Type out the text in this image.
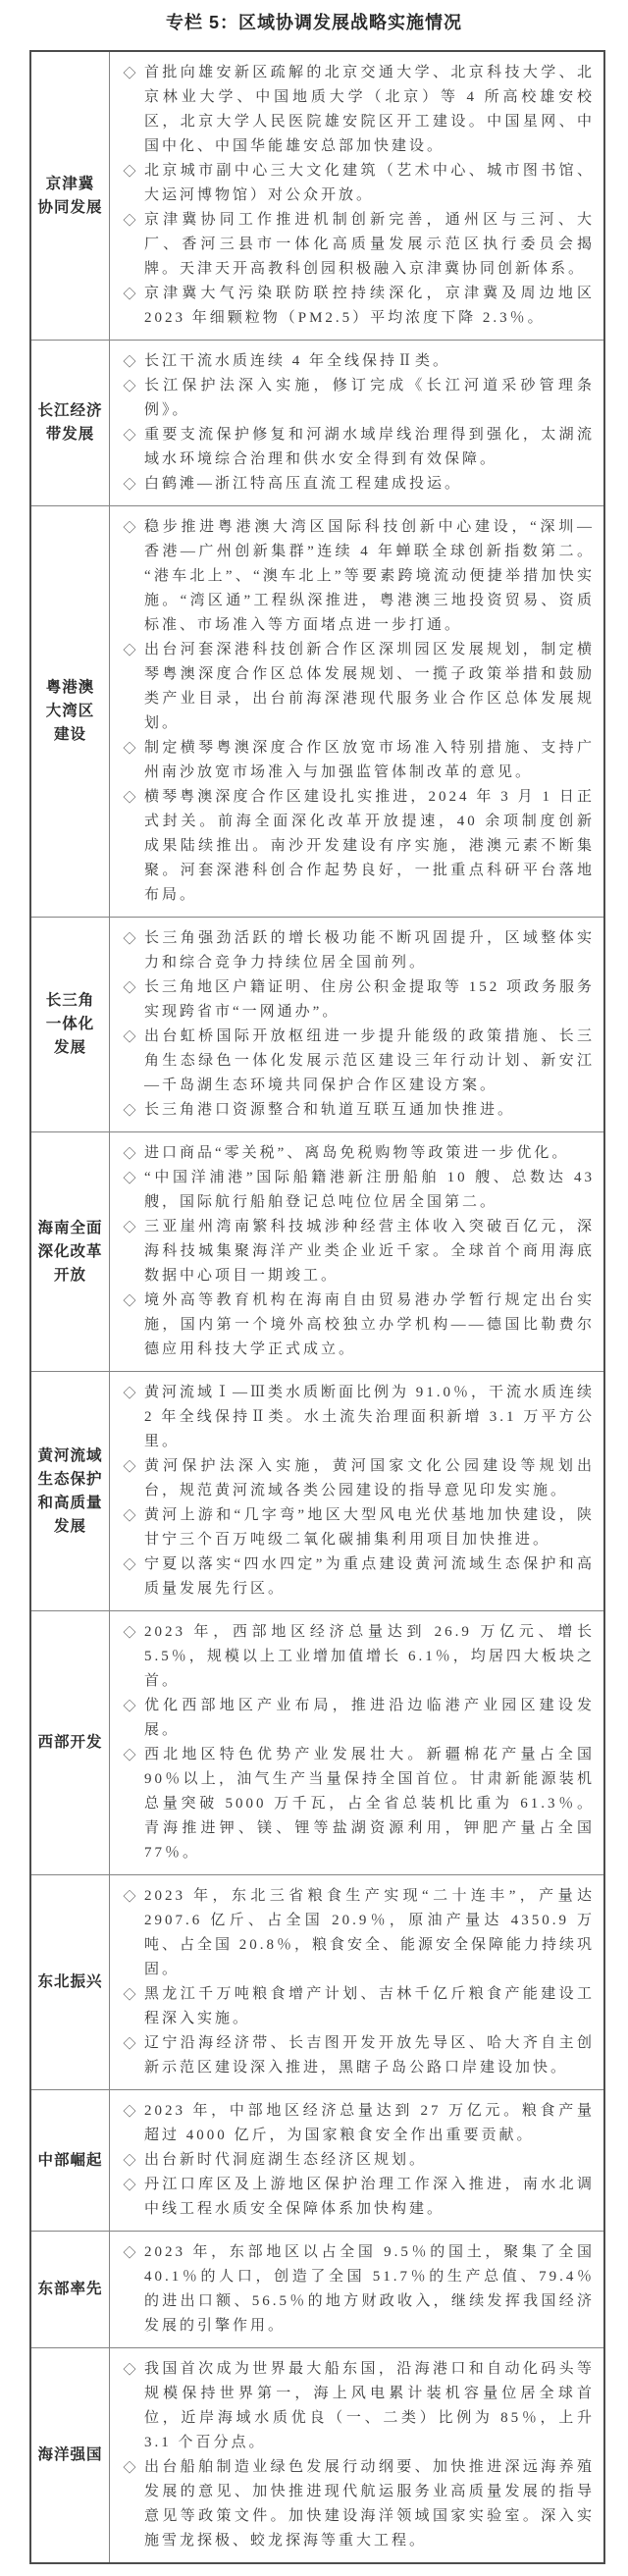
专栏 5：区域协调发展战略实施情况
京津冀
协同发展
◇ 首批向雄安新区疏解的北京交通大学、北京科技大学、北京林业大学、中国地质大学（北京）等 4 所高校雄安校区，北京大学人民医院雄安院区开工建设。中国星网、中国中化、中国华能雄安总部加快建设。
◇ 北京城市副中心三大文化建筑（艺术中心、城市图书馆、大运河博物馆）对公众开放。
◇ 京津冀协同工作推进机制创新完善，通州区与三河、大厂、香河三县市一体化高质量发展示范区执行委员会揭牌。天津天开高教科创园积极融入京津冀协同创新体系。
◇ 京津冀大气污染联防联控持续深化，京津冀及周边地区 2023 年细颗粒物（PM2.5）平均浓度下降 2.3％。
长江经济
带发展
◇ 长江干流水质连续 4 年全线保持Ⅱ类。
◇ 长江保护法深入实施，修订完成《长江河道采砂管理条例》。
◇ 重要支流保护修复和河湖水域岸线治理得到强化，太湖流域水环境综合治理和供水安全得到有效保障。
◇ 白鹤滩—浙江特高压直流工程建成投运。
粤港澳
大湾区
建设
◇ 稳步推进粤港澳大湾区国际科技创新中心建设，“深圳—香港—广州创新集群”连续 4 年蝉联全球创新指数第二。“港车北上”、“澳车北上”等要素跨境流动便捷举措加快实施。“湾区通”工程纵深推进，粤港澳三地投资贸易、资质标准、市场准入等方面堵点进一步打通。
◇ 出台河套深港科技创新合作区深圳园区发展规划，制定横琴粤澳深度合作区总体发展规划、一揽子政策举措和鼓励类产业目录，出台前海深港现代服务业合作区总体发展规划。
◇ 制定横琴粤澳深度合作区放宽市场准入特别措施、支持广州南沙放宽市场准入与加强监管体制改革的意见。
◇ 横琴粤澳深度合作区建设扎实推进，2024 年 3 月 1 日正式封关。前海全面深化改革开放提速，40 余项制度创新成果陆续推出。南沙开发建设有序实施，港澳元素不断集聚。河套深港科创合作起势良好，一批重点科研平台落地布局。
长三角
一体化
发展
◇ 长三角强劲活跃的增长极功能不断巩固提升，区域整体实力和综合竞争力持续位居全国前列。
◇ 长三角地区户籍证明、住房公积金提取等 152 项政务服务实现跨省市“一网通办”。
◇ 出台虹桥国际开放枢纽进一步提升能级的政策措施、长三角生态绿色一体化发展示范区建设三年行动计划、新安江—千岛湖生态环境共同保护合作区建设方案。
◇ 长三角港口资源整合和轨道互联互通加快推进。
海南全面
深化改革
开放
◇ 进口商品“零关税”、离岛免税购物等政策进一步优化。
◇ “中国洋浦港”国际船籍港新注册船舶 10 艘、总数达 43 艘，国际航行船舶登记总吨位位居全国第二。
◇ 三亚崖州湾南繁科技城涉种经营主体收入突破百亿元，深海科技城集聚海洋产业类企业近千家。全球首个商用海底数据中心项目一期竣工。
◇ 境外高等教育机构在海南自由贸易港办学暂行规定出台实施，国内第一个境外高校独立办学机构——德国比勒费尔德应用科技大学正式成立。
黄河流域
生态保护
和高质量
发展
◇ 黄河流域Ⅰ—Ⅲ类水质断面比例为 91.0％，干流水质连续 2 年全线保持Ⅱ类。水土流失治理面积新增 3.1 万平方公里。
◇ 黄河保护法深入实施，黄河国家文化公园建设等规划出台，规范黄河流域各类公园建设的指导意见印发实施。
◇ 黄河上游和“几字弯”地区大型风电光伏基地加快建设，陕甘宁三个百万吨级二氧化碳捕集利用项目加快推进。
◇ 宁夏以落实“四水四定”为重点建设黄河流域生态保护和高质量发展先行区。
西部开发
◇ 2023 年，西部地区经济总量达到 26.9 万亿元、增长 5.5％，规模以上工业增加值增长 6.1％，均居四大板块之首。
◇ 优化西部地区产业布局，推进沿边临港产业园区建设发展。
◇ 西北地区特色优势产业发展壮大。新疆棉花产量占全国 90％以上，油气生产当量保持全国首位。甘肃新能源装机总量突破 5000 万千瓦，占全省总装机比重为 61.3％。青海推进钾、镁、锂等盐湖资源利用，钾肥产量占全国 77％。
东北振兴
◇ 2023 年，东北三省粮食生产实现“二十连丰”，产量达 2907.6 亿斤、占全国 20.9％，原油产量达 4350.9 万吨、占全国 20.8％，粮食安全、能源安全保障能力持续巩固。
◇ 黑龙江千万吨粮食增产计划、吉林千亿斤粮食产能建设工程深入实施。
◇ 辽宁沿海经济带、长吉图开发开放先导区、哈大齐自主创新示范区建设深入推进，黑瞎子岛公路口岸建设加快。
中部崛起
◇ 2023 年，中部地区经济总量达到 27 万亿元。粮食产量超过 4000 亿斤，为国家粮食安全作出重要贡献。
◇ 出台新时代洞庭湖生态经济区规划。
◇ 丹江口库区及上游地区保护治理工作深入推进，南水北调中线工程水质安全保障体系加快构建。
东部率先
◇ 2023 年，东部地区以占全国 9.5％的国土，聚集了全国 40.1％的人口，创造了全国 51.7％的生产总值、79.4％的进出口额、56.5％的地方财政收入，继续发挥我国经济发展的引擎作用。
海洋强国
◇ 我国首次成为世界最大船东国，沿海港口和自动化码头等规模保持世界第一，海上风电累计装机容量位居全球首位，近岸海域水质优良（一、二类）比例为 85％，上升 3.1 个百分点。
◇ 出台船舶制造业绿色发展行动纲要、加快推进深远海养殖发展的意见、加快推进现代航运服务业高质量发展的指导意见等政策文件。加快建设海洋领域国家实验室。深入实施雪龙探极、蛟龙探海等重大工程。
